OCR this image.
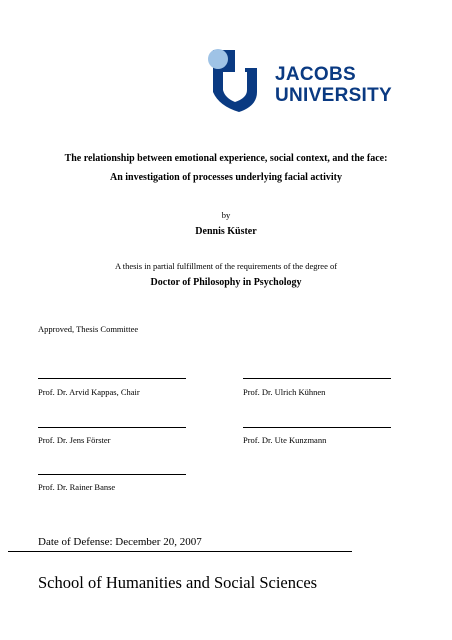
JACOBS
UNIVERSITY
The relationship between emotional experience, social context, and the face:
An investigation of processes underlying facial activity
by
Dennis Küster
A thesis in partial fulfillment of the requirements of the degree of
Doctor of Philosophy in Psychology
Approved, Thesis Committee
Prof. Dr. Arvid Kappas, Chair	Prof. Dr. Ulrich Kühnen
Prof. Dr. Jens Förster	Prof. Dr. Ute Kunzmann
Prof. Dr. Rainer Banse
Date of Defense: December 20, 2007
School of Humanities and Social Sciences
